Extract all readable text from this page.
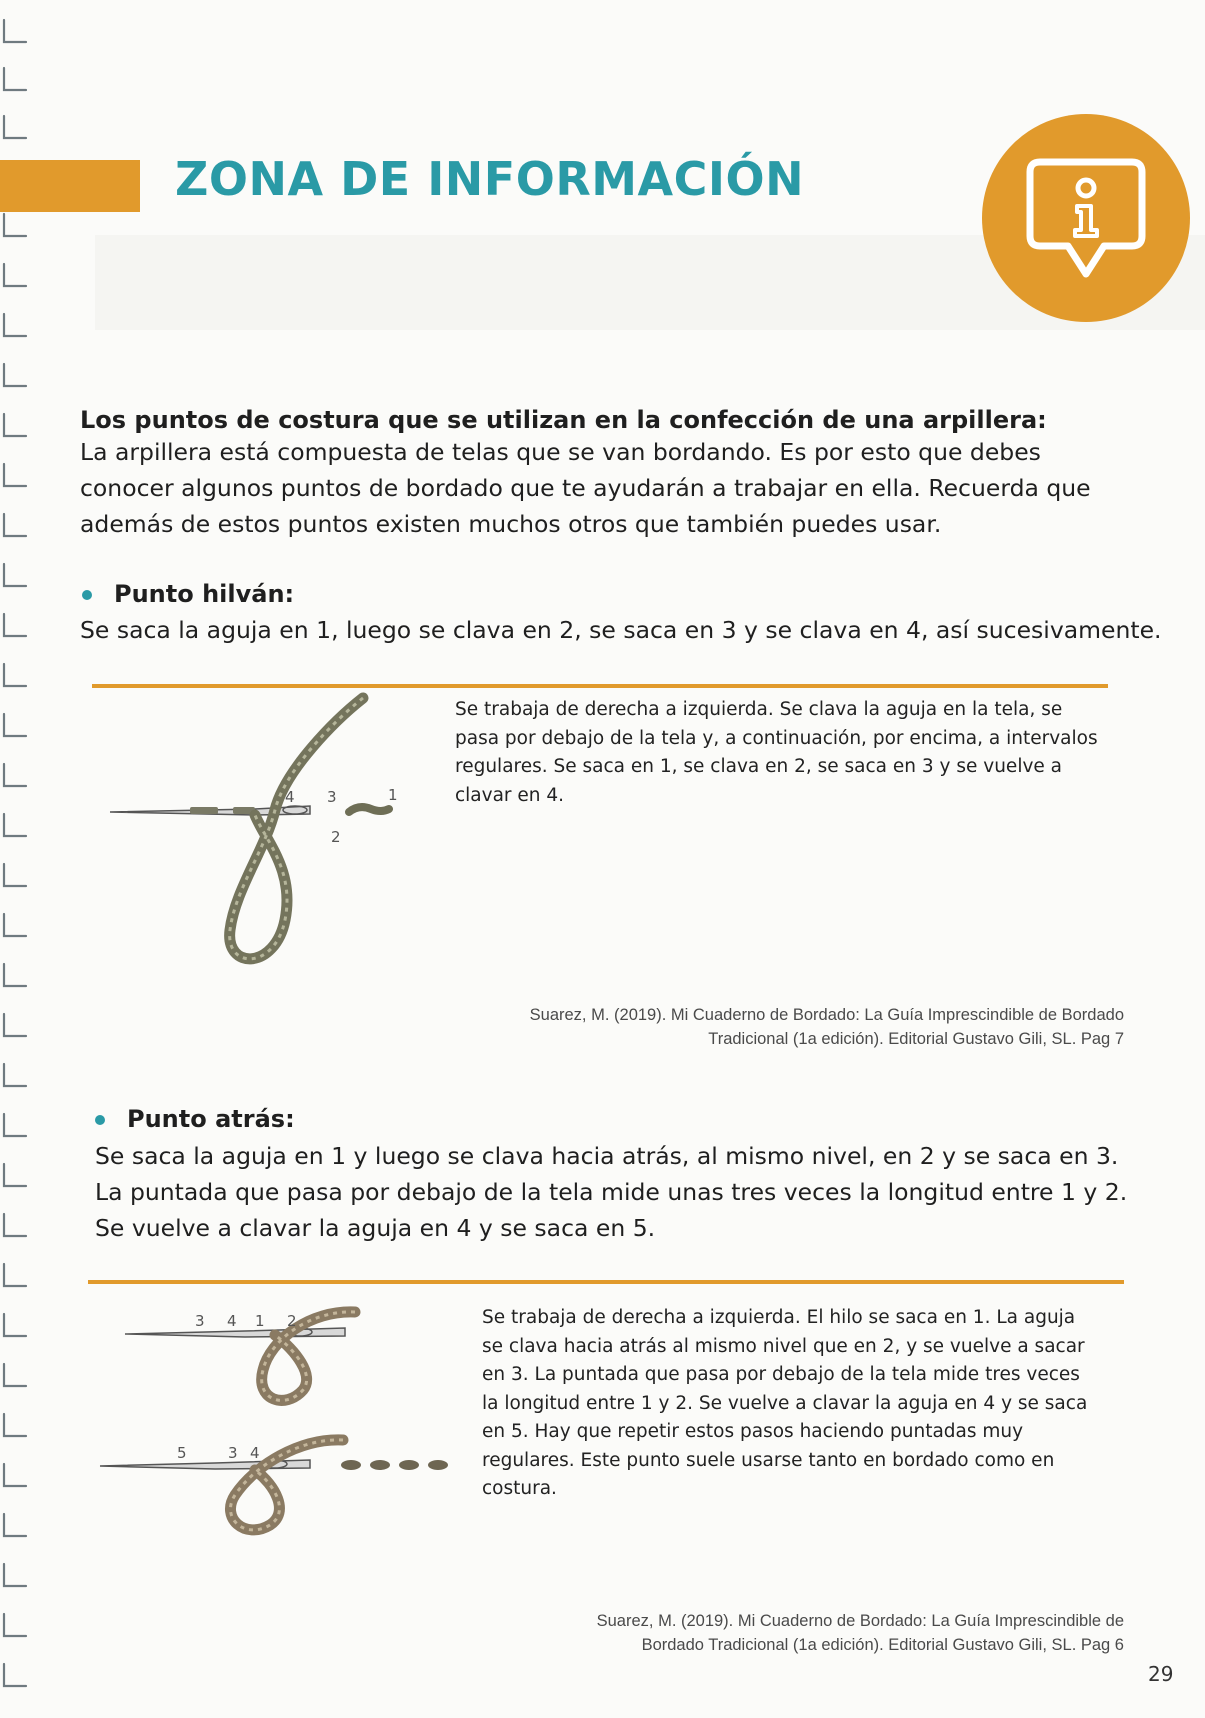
ZONA DE INFORMACIÓN
Los puntos de costura que se utilizan en la confección de una arpillera:
La arpillera está compuesta de telas que se van bordando. Es por esto que debes conocer algunos puntos de bordado que te ayudarán a trabajar en ella. Recuerda que además de estos puntos existen muchos otros que también puedes usar.
Punto hilván:
Se saca la aguja en 1, luego se clava en 2, se saca en 3 y se clava en 4, así sucesivamente.
4 3	1
2
Se trabaja de derecha a izquierda. Se clava la aguja en la tela, se pasa por debajo de la tela y, a continuación, por encima, a intervalos regulares. Se saca en 1, se clava en 2, se saca en 3 y se vuelve a clavar en 4.
Suarez, M. (2019). Mi Cuaderno de Bordado: La Guía Imprescindible de Bordado
Tradicional (1a edición). Editorial Gustavo Gili, SL. Pag 7
Punto atrás:
Se saca la aguja en 1 y luego se clava hacia atrás, al mismo nivel, en 2 y se saca en 3. La puntada que pasa por debajo de la tela mide unas tres veces la longitud entre 1 y 2. Se vuelve a clavar la aguja en 4 y se saca en 5.
3 4 1 2
5	3 4
Se trabaja de derecha a izquierda. El hilo se saca en 1. La aguja se clava hacia atrás al mismo nivel que en 2, y se vuelve a sacar en 3. La puntada que pasa por debajo de la tela mide tres veces la longitud entre 1 y 2. Se vuelve a clavar la aguja en 4 y se saca en 5. Hay que repetir estos pasos haciendo puntadas muy regulares. Este punto suele usarse tanto en bordado como en costura.
Suarez, M. (2019). Mi Cuaderno de Bordado: La Guía Imprescindible de
Bordado Tradicional (1a edición). Editorial Gustavo Gili, SL. Pag 6
29
